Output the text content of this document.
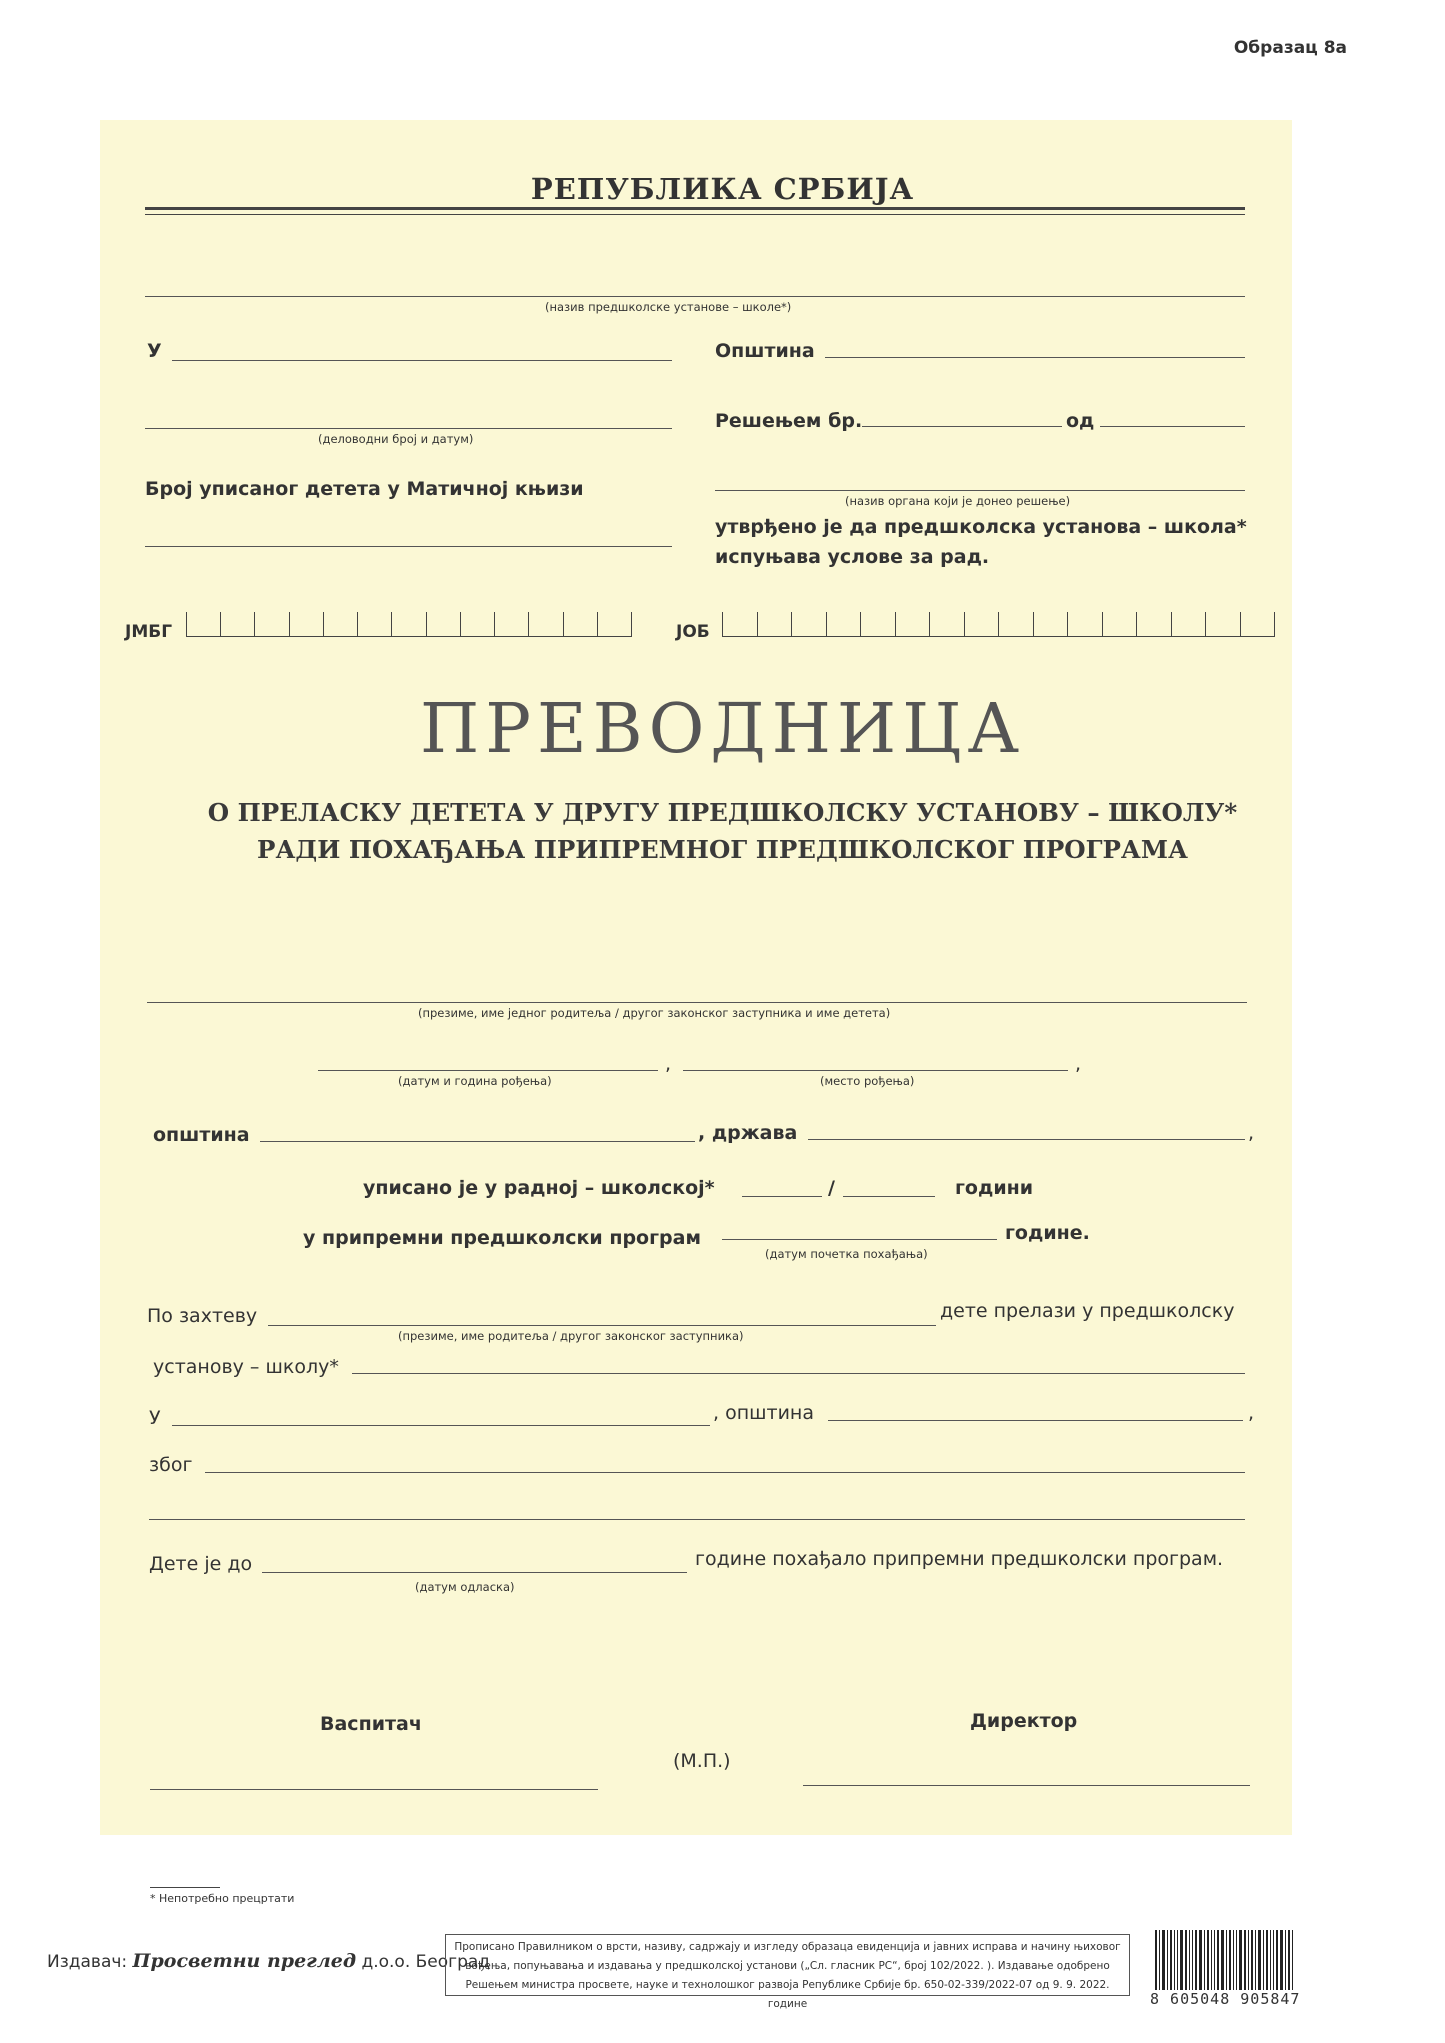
Образац 8а
РЕПУБЛИКА СРБИЈА
(назив предшколске установе – школе*)
У	Општина
(деловодни број и датум)
Решењем бр.	од
Број уписаног детета у Матичној књизи
(назив органа који је донео решење)
утврђено је да предшколска установа – школа*
испуњава услове за рад.
ЈМБГ	ЈОБ
ПРЕВОДНИЦА
О ПРЕЛАСКУ ДЕТЕТА У ДРУГУ ПРЕДШКОЛСКУ УСТАНОВУ – ШКОЛУ*
РАДИ ПОХАЂАЊА ПРИПРЕМНОГ ПРЕДШКОЛСКОГ ПРОГРАМА
(презиме, име једног родитеља / другог законског заступника и име детета)
,	,
(датум и година рођења)	(место рођења)
општина	, држава	,
уписано је у радној – школској*	/	години
у припремни предшколски програм	године.
(датум почетка похађања)
По захтеву	дете прелази у предшколску
(презиме, име родитеља / другог законског заступника)
установу – школу*
У	, општина	,
због
Дете је до	године похађало припремни предшколски програм.
(датум одласка)
Васпитач
(М.П.)
Директор
* Непотребно прецртати
Издавач: Просветни преглед д.о.о. Београд
Прописано Правилником о врсти, називу, садржају и изгледу образаца евиденција и јавних исправа и начину њиховог
вођења, попуњавања и издавања у предшколској установи („Сл. гласник РС“, број 102/2022. ). Издавање одобрено
Решењем министра просвете, науке и технолошког развоја Републике Србије бр. 650-02-339/2022-07 од 9. 9. 2022. године	8 605048 905847
